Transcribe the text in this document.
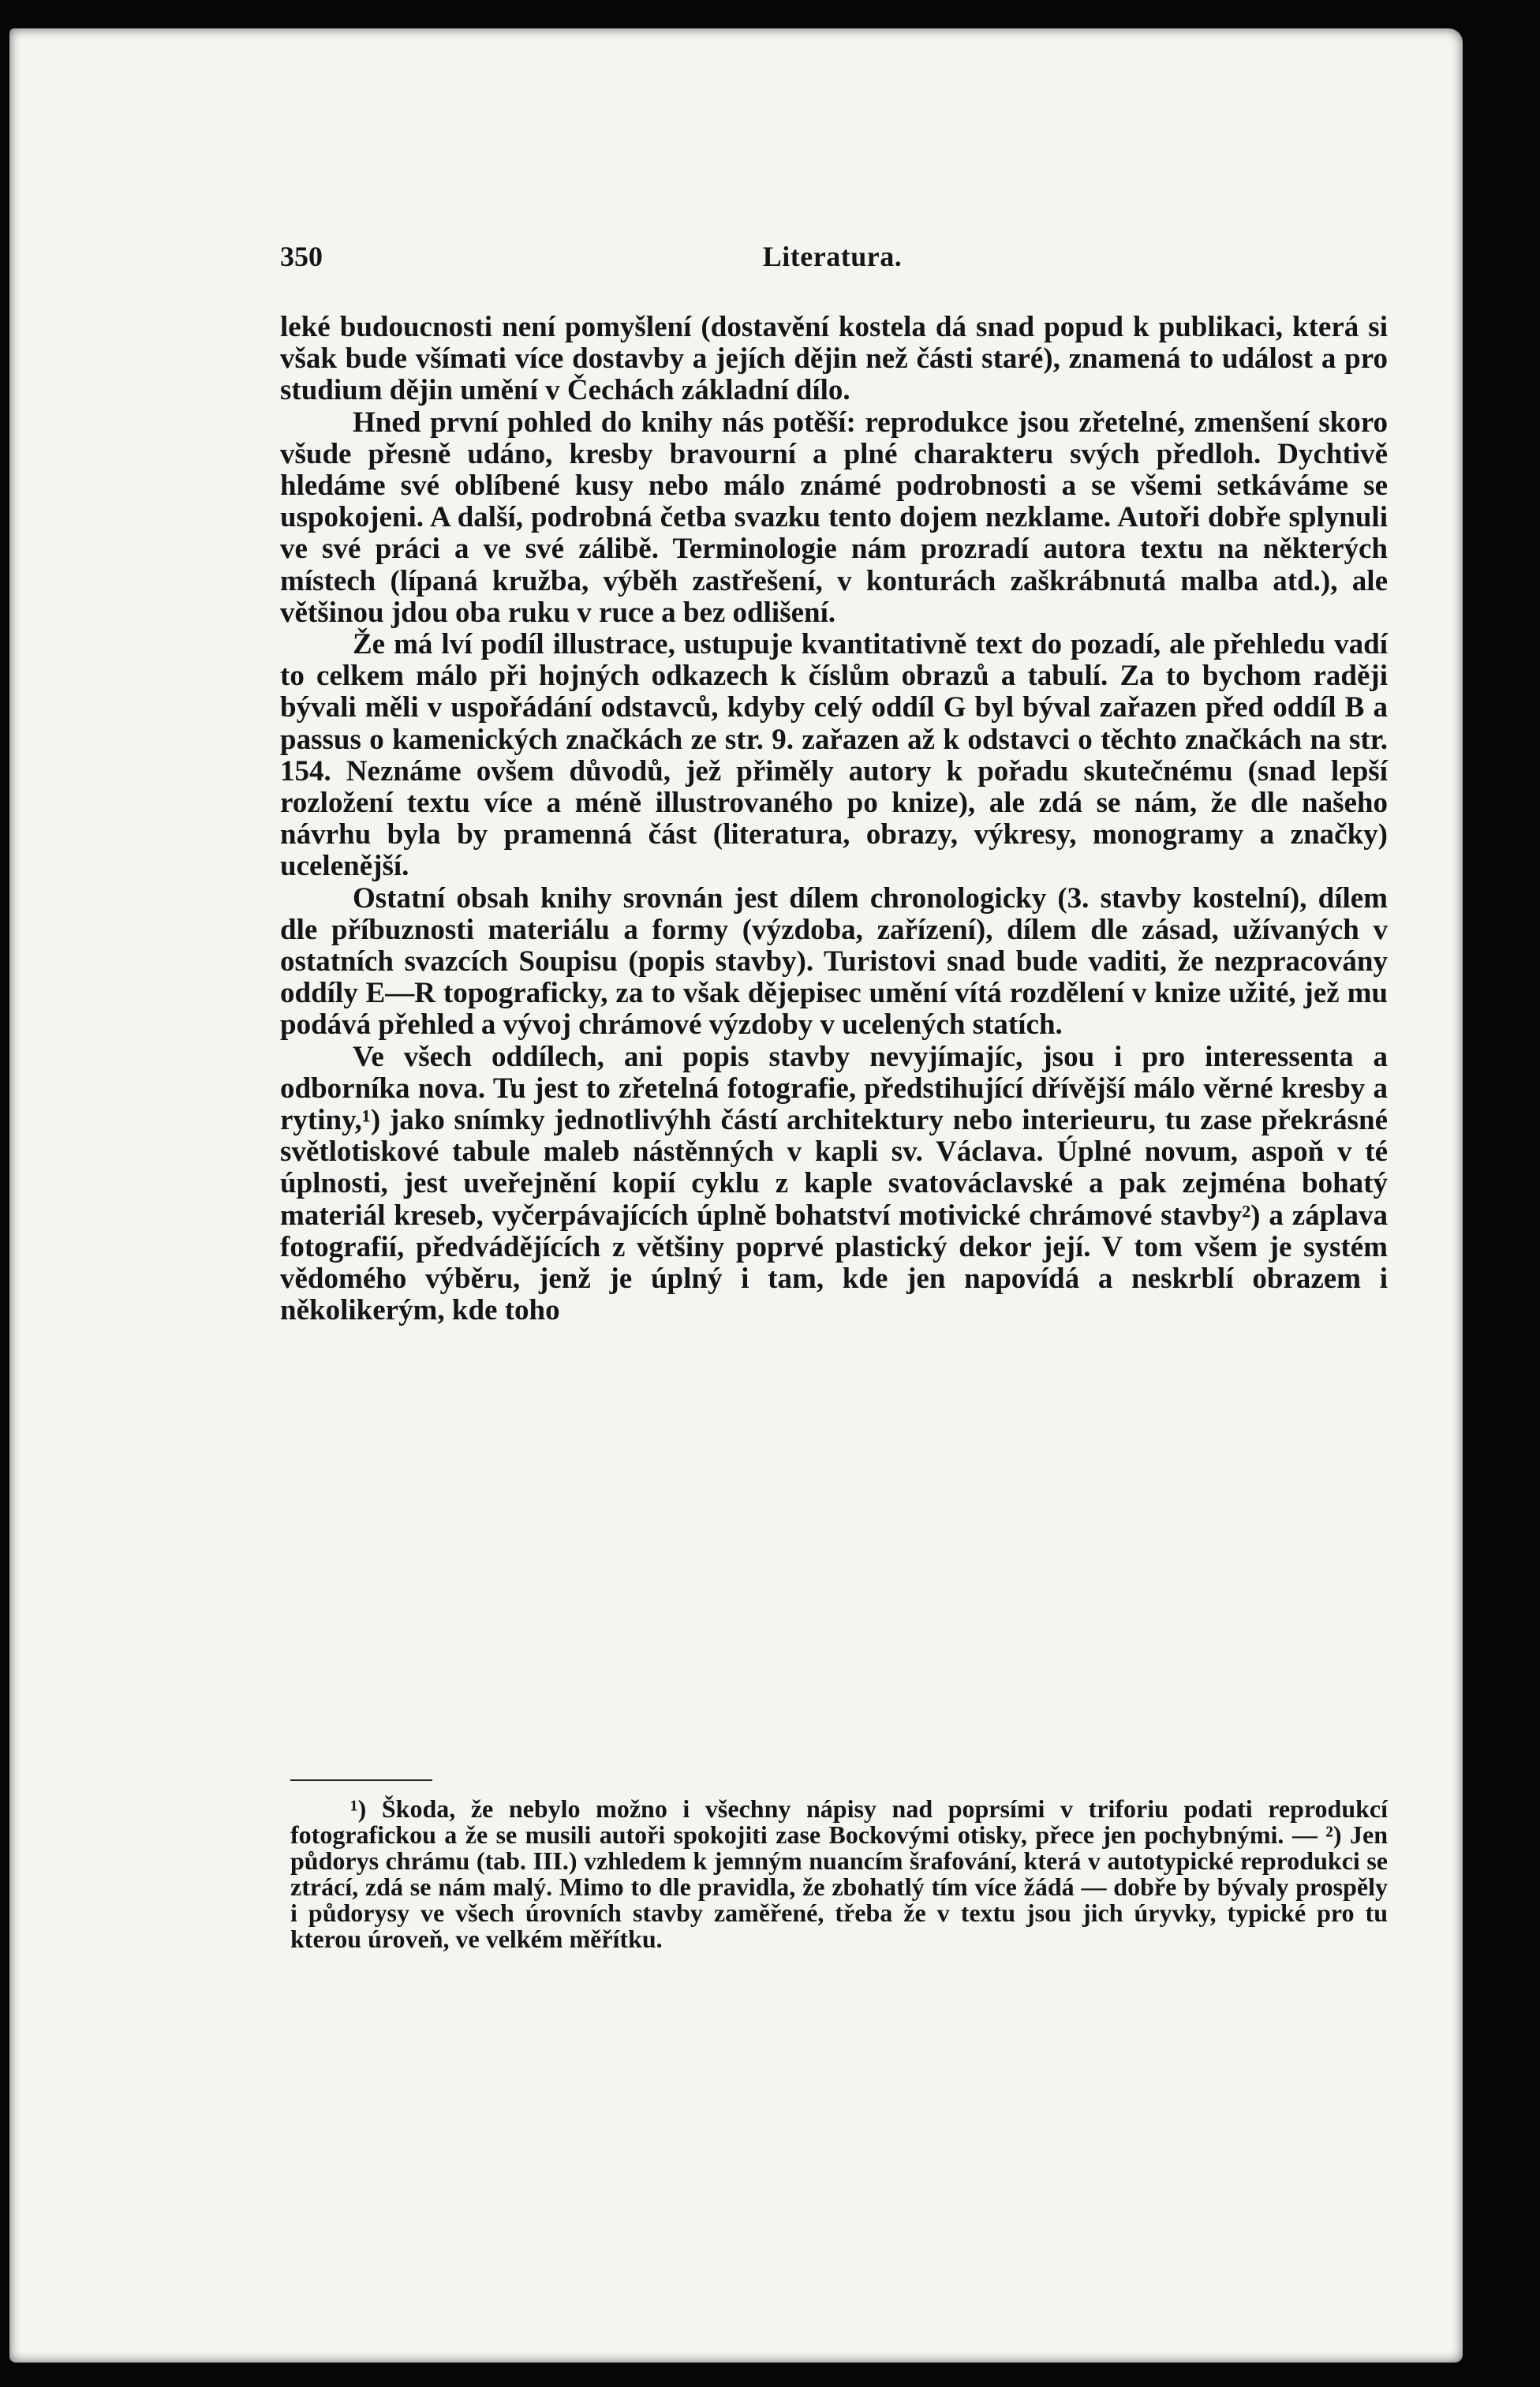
350	Literatura.

leké budoucnosti není pomyšlení (dostavění kostela dá snad popud k publikaci, která si však bude všímati více dostavby a jejích dějin než části staré), znamená to událost a pro studium dějin umění v Čechách základní dílo.

Hned první pohled do knihy nás potěší: reprodukce jsou zřetelné, zmenšení skoro všude přesně udáno, kresby bravourní a plné charakteru svých předloh. Dychtivě hledáme své oblíbené kusy nebo málo známé podrobnosti a se všemi setkáváme se uspokojeni. A další, podrobná četba svazku tento dojem nezklame. Autoři dobře splynuli ve své práci a ve své zálibě. Terminologie nám prozradí autora textu na některých místech (lípaná kružba, výběh zastřešení, v konturách zaškrábnutá malba atd.), ale většinou jdou oba ruku v ruce a bez odlišení.

Že má lví podíl illustrace, ustupuje kvantitativně text do pozadí, ale přehledu vadí to celkem málo při hojných odkazech k číslům obrazů a tabulí. Za to bychom raději bývali měli v uspořádání odstavců, kdyby celý oddíl G byl býval zařazen před oddíl B a passus o kamenických značkách ze str. 9. zařazen až k odstavci o těchto značkách na str. 154. Neznáme ovšem důvodů, jež přiměly autory k pořadu skutečnému (snad lepší rozložení textu více a méně illustrovaného po knize), ale zdá se nám, že dle našeho návrhu byla by pramenná část (literatura, obrazy, výkresy, monogramy a značky) ucelenější.

Ostatní obsah knihy srovnán jest dílem chronologicky (3. stavby kostelní), dílem dle příbuznosti materiálu a formy (výzdoba, zařízení), dílem dle zásad, užívaných v ostatních svazcích Soupisu (popis stavby). Turistovi snad bude vaditi, že nezpracovány oddíly E—R topograficky, za to však dějepisec umění vítá rozdělení v knize užité, jež mu podává přehled a vývoj chrámové výzdoby v ucelených statích.

Ve všech oddílech, ani popis stavby nevyjímajíc, jsou i pro interessenta a odborníka nova. Tu jest to zřetelná fotografie, předstihující dřívější málo věrné kresby a rytiny,¹) jako snímky jednotlivýhh částí architektury nebo interieuru, tu zase překrásné světlotiskové tabule maleb nástěnných v kapli sv. Václava. Úplné novum, aspoň v té úplnosti, jest uveřejnění kopií cyklu z kaple svatováclavské a pak zejména bohatý materiál kreseb, vyčerpávajících úplně bohatství motivické chrámové stavby²) a záplava fotografií, předvádějících z většiny poprvé plastický dekor její. V tom všem je systém vědomého výběru, jenž je úplný i tam, kde jen napovídá a neskrblí obrazem i několikerým, kde toho

¹) Škoda, že nebylo možno i všechny nápisy nad poprsími v triforiu podati reprodukcí fotografickou a že se musili autoři spokojiti zase Bockovými otisky, přece jen pochybnými. — ²) Jen půdorys chrámu (tab. III.) vzhledem k jemným nuancím šrafování, která v autotypické reprodukci se ztrácí, zdá se nám malý. Mimo to dle pravidla, že zbohatlý tím více žádá — dobře by bývaly prospěly i půdorysy ve všech úrovních stavby zaměřené, třeba že v textu jsou jich úryvky, typické pro tu kterou úroveň, ve velkém měřítku.
